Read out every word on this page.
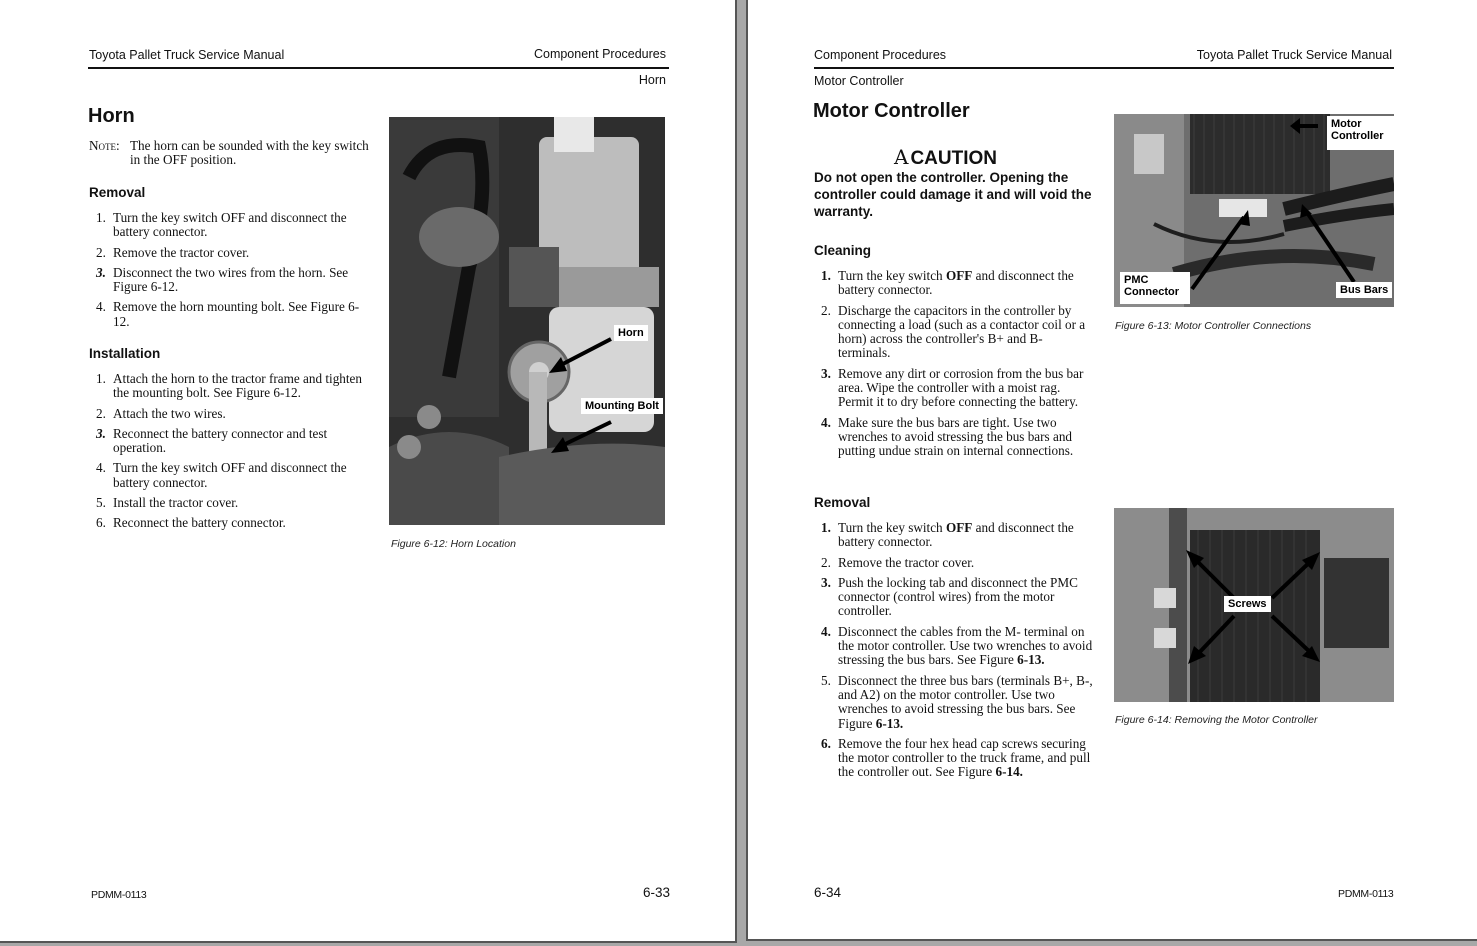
Toyota Pallet Truck Service Manual	Component Procedures
Horn
Horn
Note: The horn can be sounded with the key switch in the OFF position.
Removal
1. Turn the key switch OFF and disconnect the battery connector.
2. Remove the tractor cover.
3. Disconnect the two wires from the horn. See Figure 6-12.
4. Remove the horn mounting bolt. See Figure 6-12.
Installation
1. Attach the horn to the tractor frame and tighten the mounting bolt. See Figure 6-12.
2. Attach the two wires.
3. Reconnect the battery connector and test operation.
4. Turn the key switch OFF and disconnect the battery connector.
5. Install the tractor cover.
6. Reconnect the battery connector.
Horn
Mounting Bolt
Figure 6-12: Horn Location
PDMM-0113	6-33
Component Procedures	Toyota Pallet Truck Service Manual
Motor Controller
Motor Controller
A CAUTION
Do not open the controller. Opening the controller could damage it and will void the warranty.
Cleaning
1. Turn the key switch OFF and disconnect the battery connector.
2. Discharge the capacitors in the controller by connecting a load (such as a contactor coil or a horn) across the controller's B+ and B- terminals.
3. Remove any dirt or corrosion from the bus bar area. Wipe the controller with a moist rag. Permit it to dry before connecting the battery.
4. Make sure the bus bars are tight. Use two wrenches to avoid stressing the bus bars and putting undue strain on internal connections.
Removal
1. Turn the key switch OFF and disconnect the battery connector.
2. Remove the tractor cover.
3. Push the locking tab and disconnect the PMC connector (control wires) from the motor controller.
4. Disconnect the cables from the M- terminal on the motor controller. Use two wrenches to avoid stressing the bus bars. See Figure 6-13.
5. Disconnect the three bus bars (terminals B+, B-, and A2) on the motor controller. Use two wrenches to avoid stressing the bus bars. See Figure 6-13.
6. Remove the four hex head cap screws securing the motor controller to the truck frame, and pull the controller out. See Figure 6-14.
Motor Controller
PMC Connector	Bus Bars
Figure 6-13: Motor Controller Connections
Screws
Figure 6-14: Removing the Motor Controller
6-34	PDMM-0113
